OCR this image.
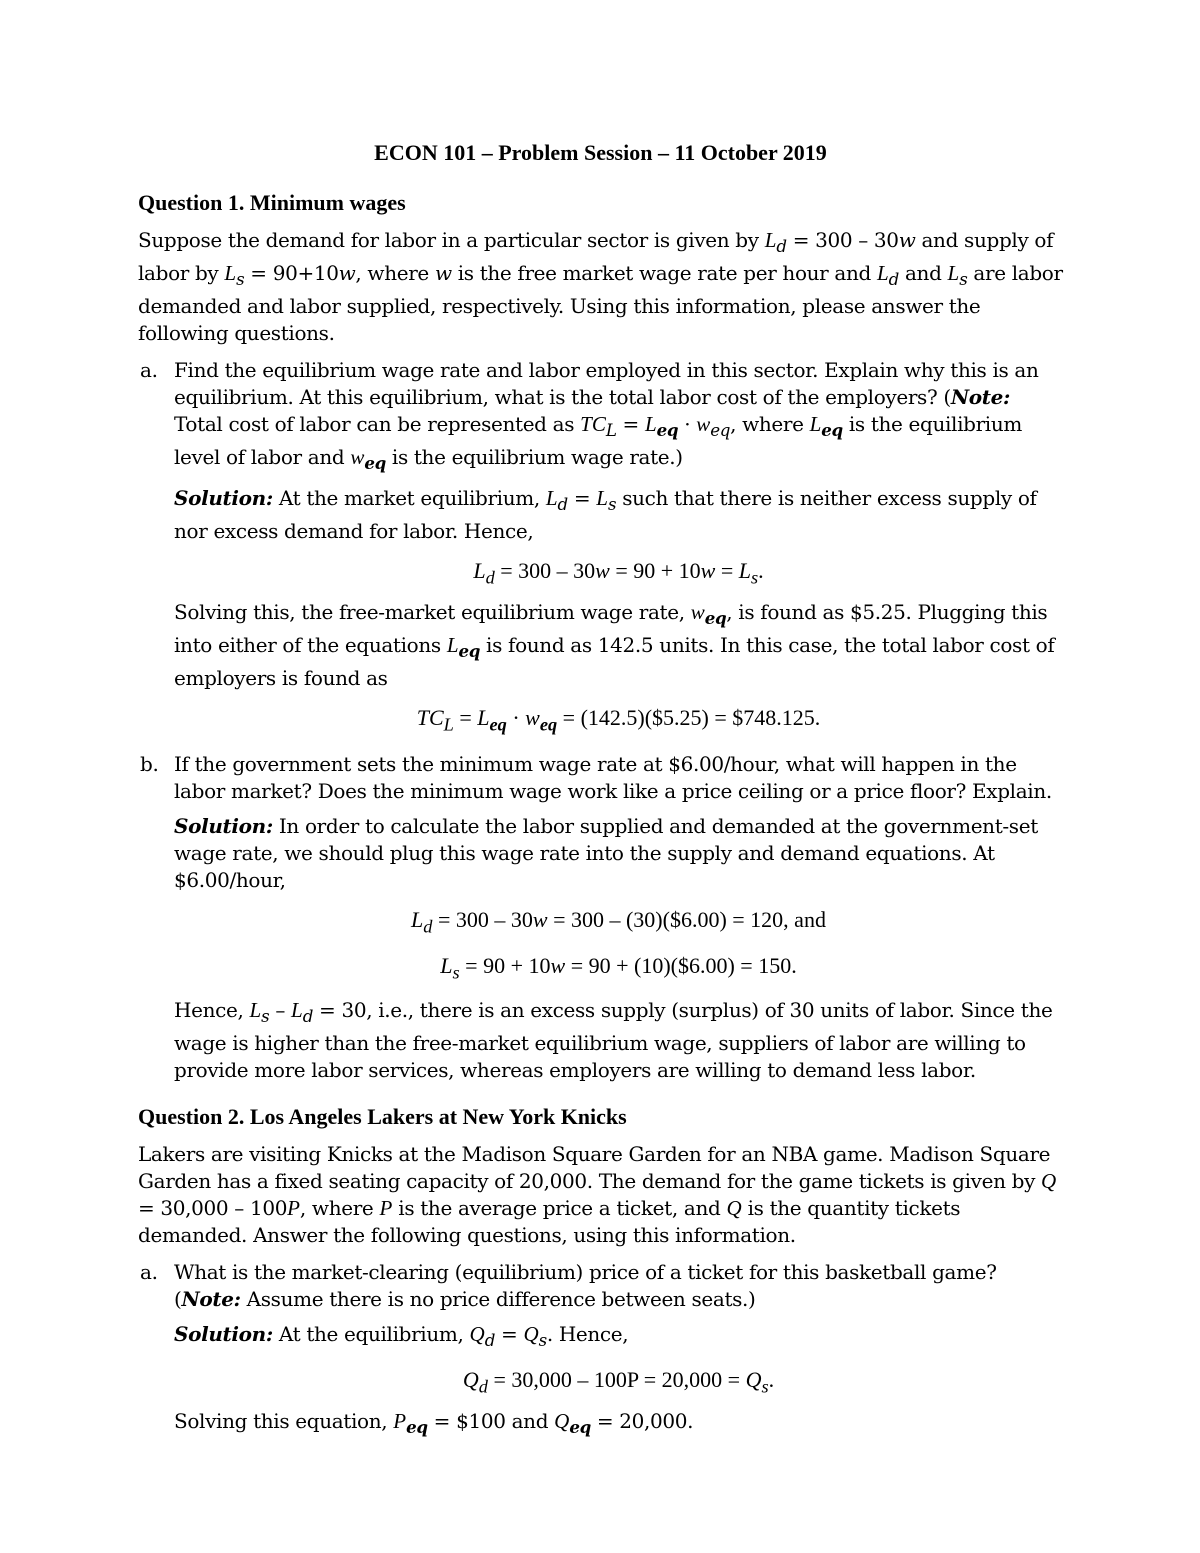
ECON 101 – Problem Session – 11 October 2019
Question 1. Minimum wages
Suppose the demand for labor in a particular sector is given by $L_d = 300 - 30w$ and supply of labor by $L_s = 90+10w$, where w is the free market wage rate per hour and $L_d$ and $L_s$ are labor demanded and labor supplied, respectively. Using this information, please answer the following questions.
a. Find the equilibrium wage rate and labor employed in this sector. Explain why this is an equilibrium. At this equilibrium, what is the total labor cost of the employers? (Note: Total cost of labor can be represented as $TC_L = L_{eq} \cdot w_{eq}$, where $L_{eq}$ is the equilibrium level of labor and $w_{eq}$ is the equilibrium wage rate.)
Solution: At the market equilibrium, $L_d = L_s$ such that there is neither excess supply of nor excess demand for labor. Hence,
$L_d = 300 - 30w = 90 + 10w = L_s$.
Solving this, the free-market equilibrium wage rate, $w_{eq}$, is found as $5.25. Plugging this into either of the equations $L_{eq}$ is found as 142.5 units. In this case, the total labor cost of employers is found as
$TC_L = L_{eq} \cdot w_{eq}$ = (142.5)($5.25) = $748.125.
b. If the government sets the minimum wage rate at $6.00/hour, what will happen in the labor market? Does the minimum wage work like a price ceiling or a price floor? Explain.
Solution: In order to calculate the labor supplied and demanded at the government-set wage rate, we should plug this wage rate into the supply and demand equations. At $6.00/hour,
$L_d = 300 - 30w = 300$ – (30)($6.00) = 120, and
$L_s = 90 + 10w = 90$ + (10)($6.00) = 150.
Hence, $L_s - L_d = 30$, i.e., there is an excess supply (surplus) of 30 units of labor. Since the wage is higher than the free-market equilibrium wage, suppliers of labor are willing to provide more labor services, whereas employers are willing to demand less labor.
Question 2. Los Angeles Lakers at New York Knicks
Lakers are visiting Knicks at the Madison Square Garden for an NBA game. Madison Square Garden has a fixed seating capacity of 20,000. The demand for the game tickets is given by Q = 30,000 – 100P, where P is the average price a ticket, and Q is the quantity tickets demanded. Answer the following questions, using this information.
a. What is the market-clearing (equilibrium) price of a ticket for this basketball game? (Note: Assume there is no price difference between seats.)
Solution: At the equilibrium, $Q_d = Q_s$. Hence,
$Q_d = 30,000 - 100P = 20,000 = Q_s$.
Solving this equation, $P_{eq}$ = $100 and $Q_{eq} = 20,000$.
